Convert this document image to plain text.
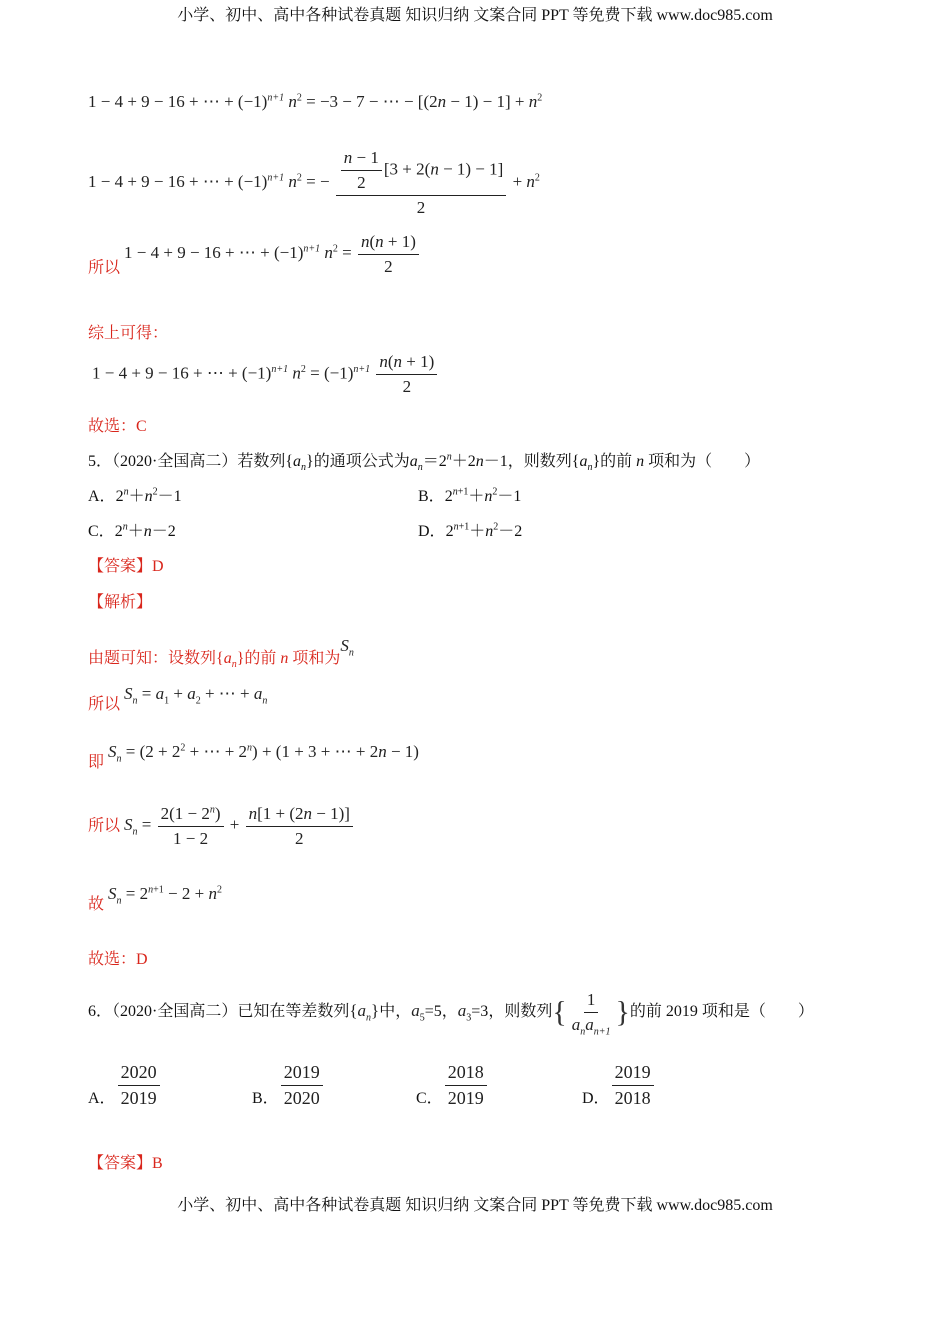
小学、初中、高中各种试卷真题 知识归纳 文案合同 PPT 等免费下载 www.doc985.com
1 − 4 + 9 − 16 + ⋯ + $(-1)^{n+1}$ $n^2 = -3 - 7$ − ⋯ − $[(2n - 1) - 1] + n^2$
1 − 4 + 9 − 16 + ⋯ + $(-1)^{n+1}$ $n^2$ = − $\frac{\frac{n - 1}{2} [3 + 2(n - 1) - 1]}{2} + n^2$
所以 1 − 4 + 9 − 16 + ⋯ + $(-1)^{n+1}$ $n^2 = \frac{n(n + 1)}{2}$
综上可得：
1 − 4 + 9 − 16 + ⋯ + $(-1)^{n+1}$ $n^2 = (-1)^{n+1} \frac{n(n + 1)}{2}$
故选：C
5．（2020·全国高二）若数列$\{a_n\}$的通项公式为$a_n=2^n+2n-1$，则数列$\{a_n\}$的前 n 项和为（　　）
A．$2^n+n^2-1$	B．$2^{n+1}+n^2-1$
C．$2^n+n-2$	D．$2^{n+1}+n^2-2$
【答案】D
【解析】
由题可知：设数列$\{a_n\}$的前 n 项和为$S_n$
所以 $S_n = a_1 + a_2$ + ⋯ + $a_n$
即 $S_n = (2 + 2^2$ + ⋯ + $2^n) + (1 + 3$ + ⋯ + 2n − 1)
所以 $S_n = \frac{2(1 - 2^n)}{1 - 2} + \frac{n[1 + (2n - 1)]}{2}$
故 $S_n = 2^{n+1} - 2 + n^2$
故选：D
6．（2020·全国高二）已知在等差数列$\{a_n\}$中，$a_5=5$，$a_3=3$，则数列{ $\frac{1}{a_na_{n+1}}$ }的前 2019 项和是（　　）
A． $\frac{2020}{2019}$	B． $\frac{2019}{2020}$	C． $\frac{2018}{2019}$	D． $\frac{2019}{2018}$
【答案】B
小学、初中、高中各种试卷真题 知识归纳 文案合同 PPT 等免费下载 www.doc985.com
